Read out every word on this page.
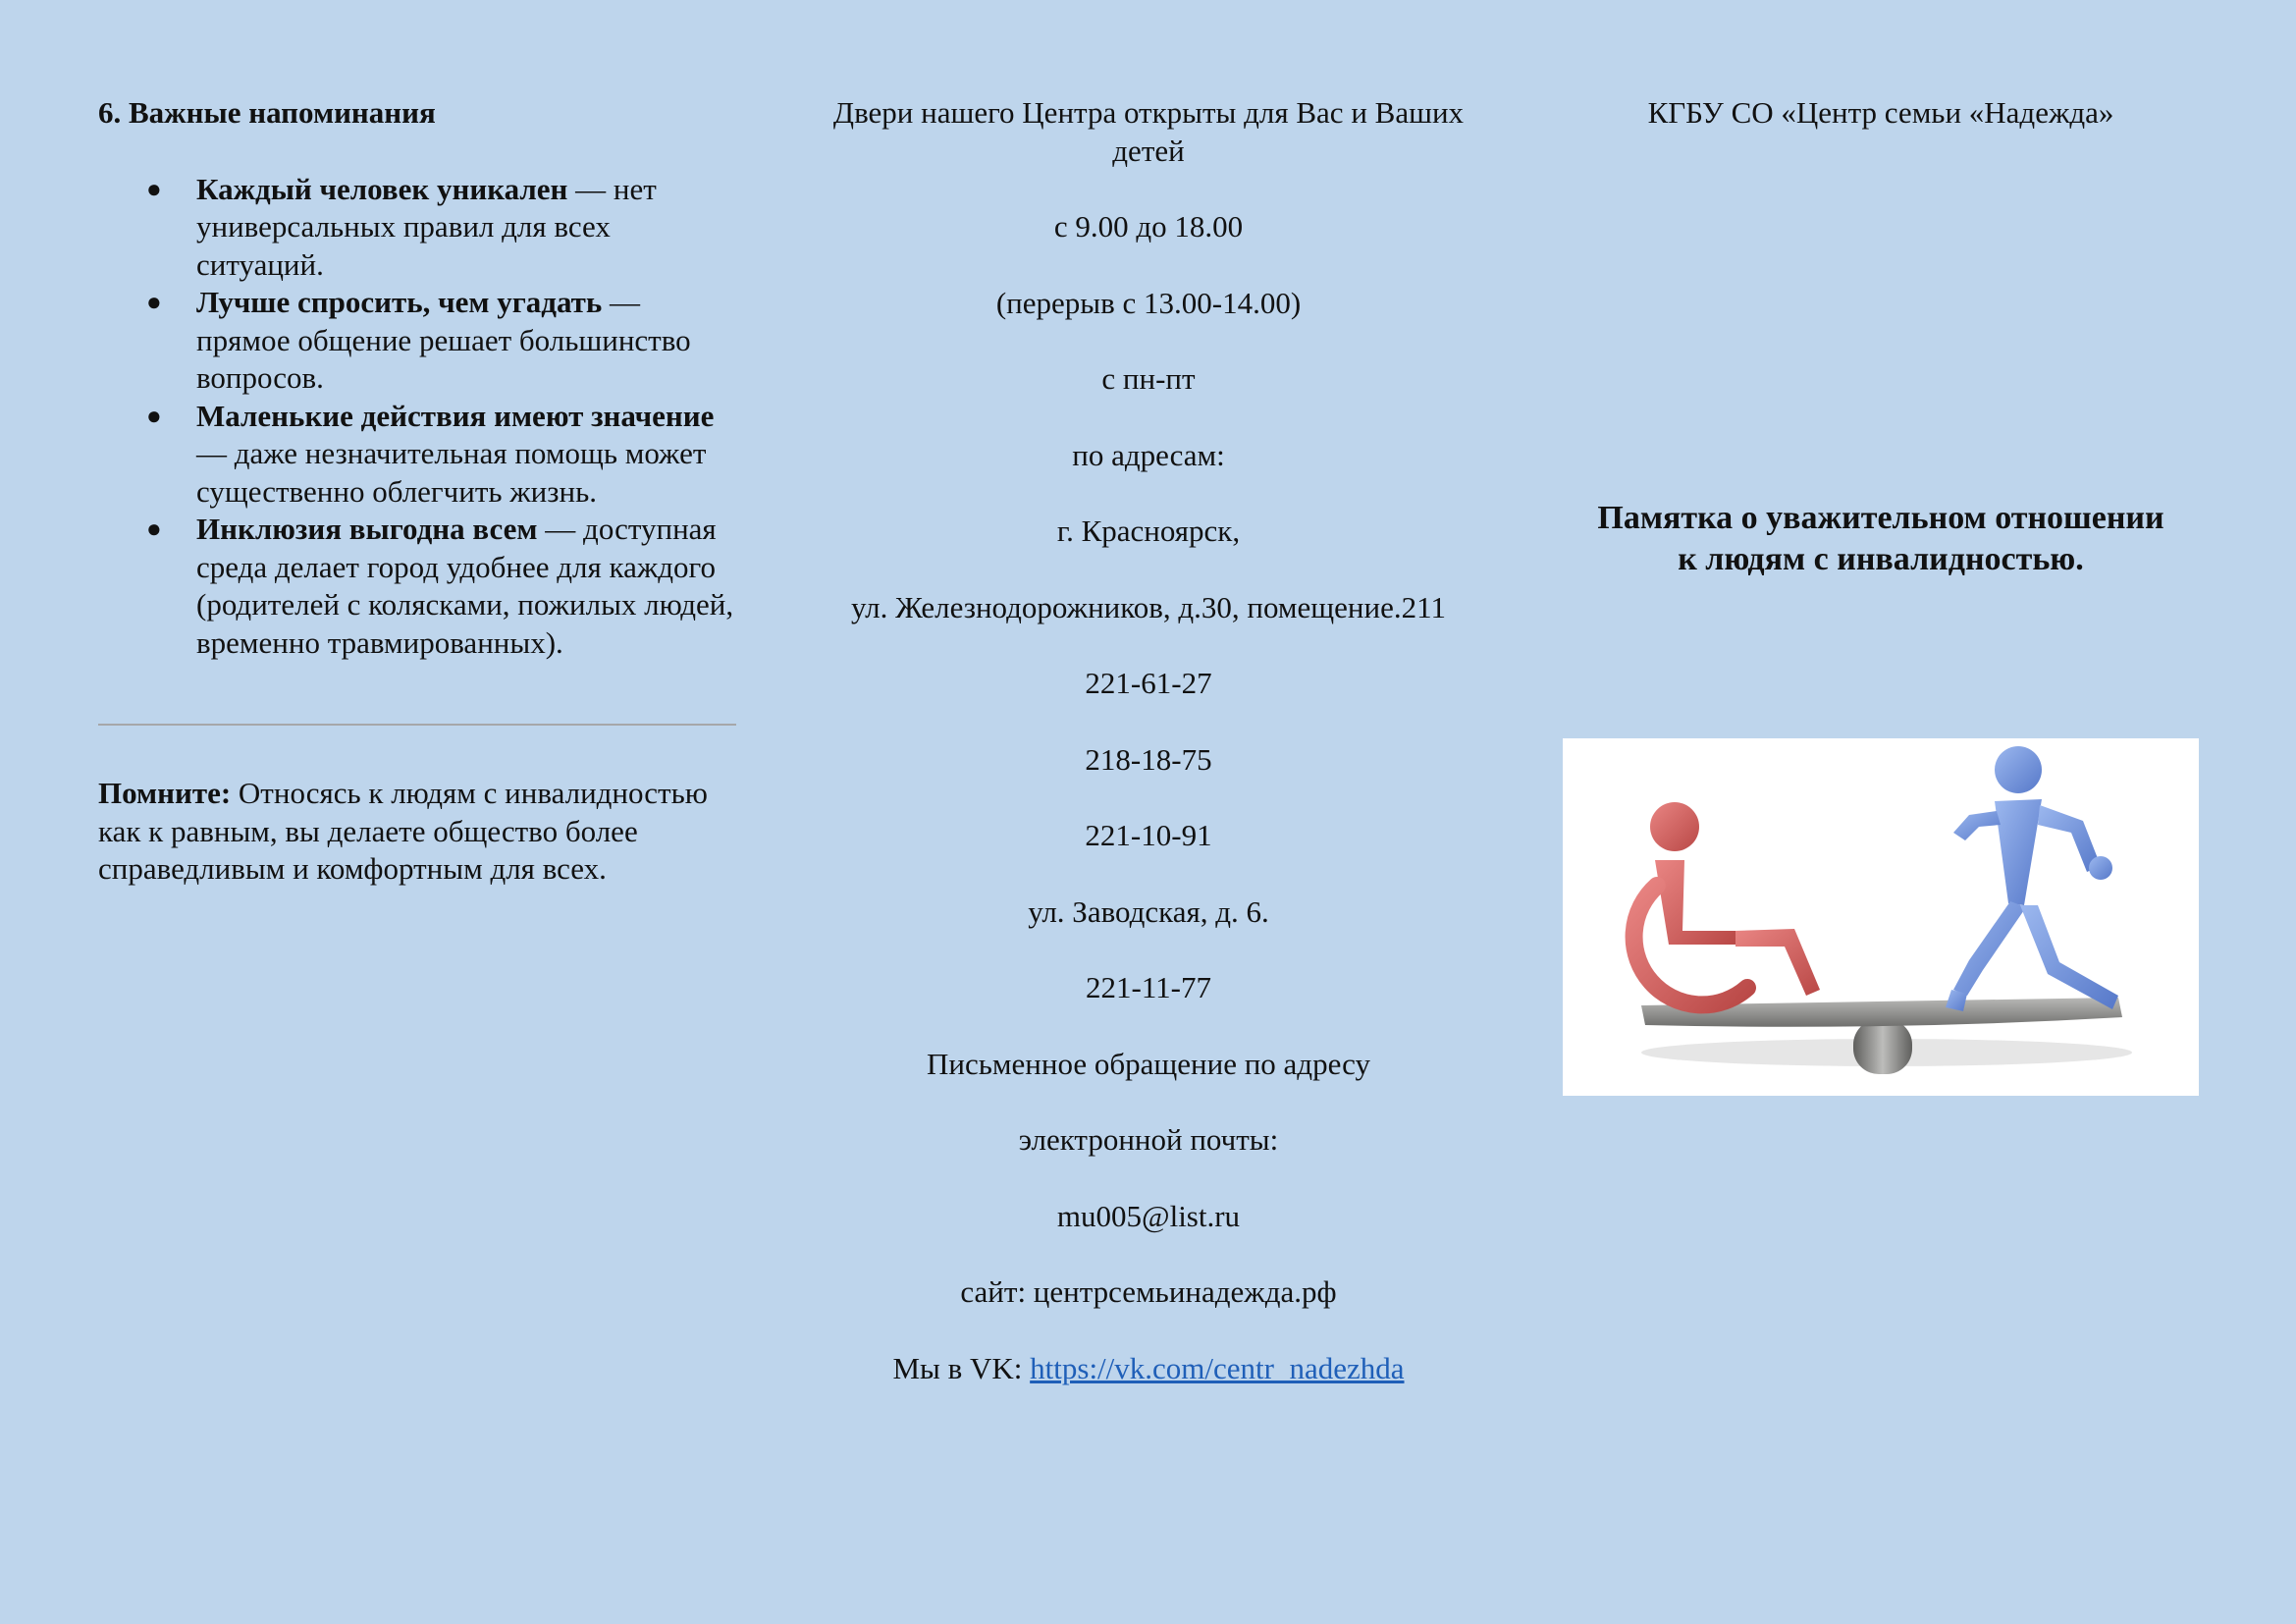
6. Важные напоминания

● Каждый человек уникален — нет универсальных правил для всех ситуаций.
● Лучше спросить, чем угадать — прямое общение решает большинство вопросов.
● Маленькие действия имеют значение — даже незначительная помощь может существенно облегчить жизнь.
● Инклюзия выгодна всем — доступная среда делает город удобнее для каждого (родителей с колясками, пожилых людей, временно травмированных).

Помните: Относясь к людям с инвалидностью как к равным, вы делаете общество более справедливым и комфортным для всех.

Двери нашего Центра открыты для Вас и Ваших детей

с 9.00 до 18.00

(перерыв с 13.00-14.00)

с пн-пт

по адресам:

г. Красноярск,

ул. Железнодорожников, д.30, помещение.211

221-61-27

218-18-75

221-10-91

ул. Заводская, д. 6.

221-11-77

Письменное обращение по адресу

электронной почты:

mu005@list.ru

сайт: центрсемьинадежда.рф

Мы в VK: https://vk.com/centr_nadezhda

КГБУ СО «Центр семьи «Надежда»

Памятка о уважительном отношении
к людям с инвалидностью.
